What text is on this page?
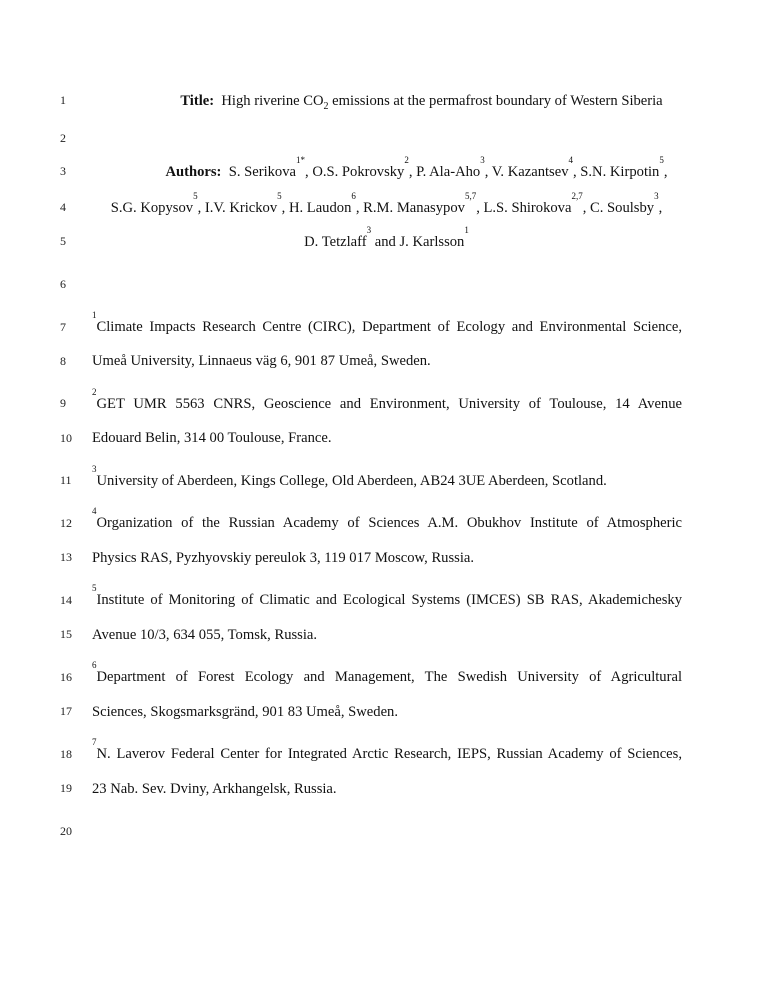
1
2
3
4
5
6
7
8
9
10
11
12
13
14
15
16
17
18
19
20
Title: High riverine $CO_2$ emissions at the permafrost boundary of Western Siberia
Authors: S. Serikova$^{1*}$, O.S. Pokrovsky$^2$, P. Ala-Aho$^3$, V. Kazantsev$^4$, S.N. Kirpotin$^5$,
S.G. Kopysov$^5$, I.V. Krickov$^5$, H. Laudon$^6$, R.M. Manasypov$^{5,7}$, L.S. Shirokova$^{2,7}$, C. Soulsby$^3$,
D. Tetzlaff$^3$ and J. Karlsson$^1$
$^1$Climate Impacts Research Centre (CIRC), Department of Ecology and Environmental Science,
Umeå University, Linnaeus väg 6, 901 87 Umeå, Sweden.
$^2$GET UMR 5563 CNRS, Geoscience and Environment, University of Toulouse, 14 Avenue
Edouard Belin, 314 00 Toulouse, France.
$^3$University of Aberdeen, Kings College, Old Aberdeen, AB24 3UE Aberdeen, Scotland.
$^4$Organization of the Russian Academy of Sciences A.M. Obukhov Institute of Atmospheric
Physics RAS, Pyzhyovskiy pereulok 3, 119 017 Moscow, Russia.
$^5$Institute of Monitoring of Climatic and Ecological Systems (IMCES) SB RAS, Akademichesky
Avenue 10/3, 634 055, Tomsk, Russia.
$^6$Department of Forest Ecology and Management, The Swedish University of Agricultural
Sciences, Skogsmarksgränd, 901 83 Umeå, Sweden.
$^7$N. Laverov Federal Center for Integrated Arctic Research, IEPS, Russian Academy of Sciences,
23 Nab. Sev. Dviny, Arkhangelsk, Russia.
